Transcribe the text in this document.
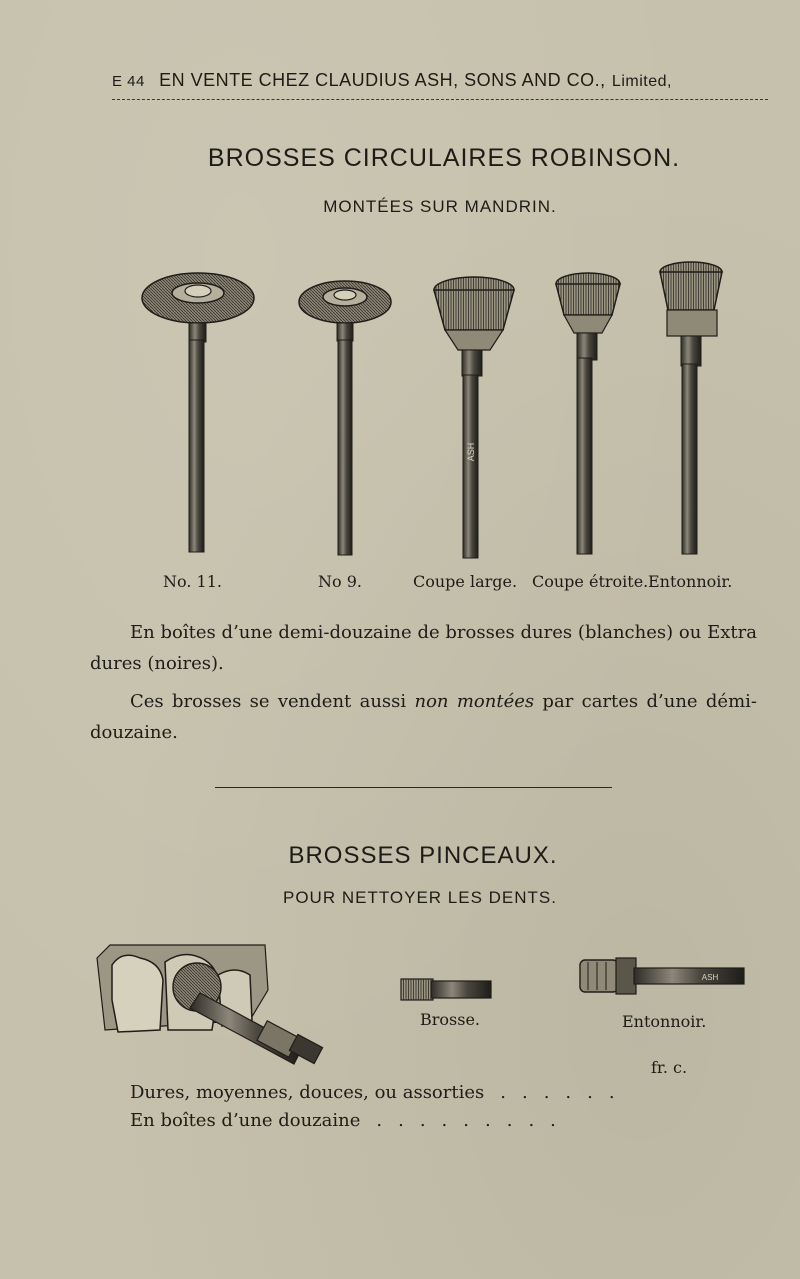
E 44 EN VENTE CHEZ CLAUDIUS ASH, SONS AND CO., Limited,
BROSSES CIRCULAIRES ROBINSON.
MONTÉES SUR MANDRIN.
ASH
No. 11.	No 9.	Coupe large. Coupe étroite. Entonnoir.
En boîtes d’une demi-douzaine de brosses dures (blanches) ou Extra dures (noires).
Ces brosses se vendent aussi non montées par cartes d’une démi-douzaine.
BROSSES PINCEAUX.
POUR NETTOYER LES DENTS.
ASH
Brosse.	Entonnoir.
fr. c.
Dures, moyennes, douces, ou assorties ......
En boîtes d’une douzaine .........
